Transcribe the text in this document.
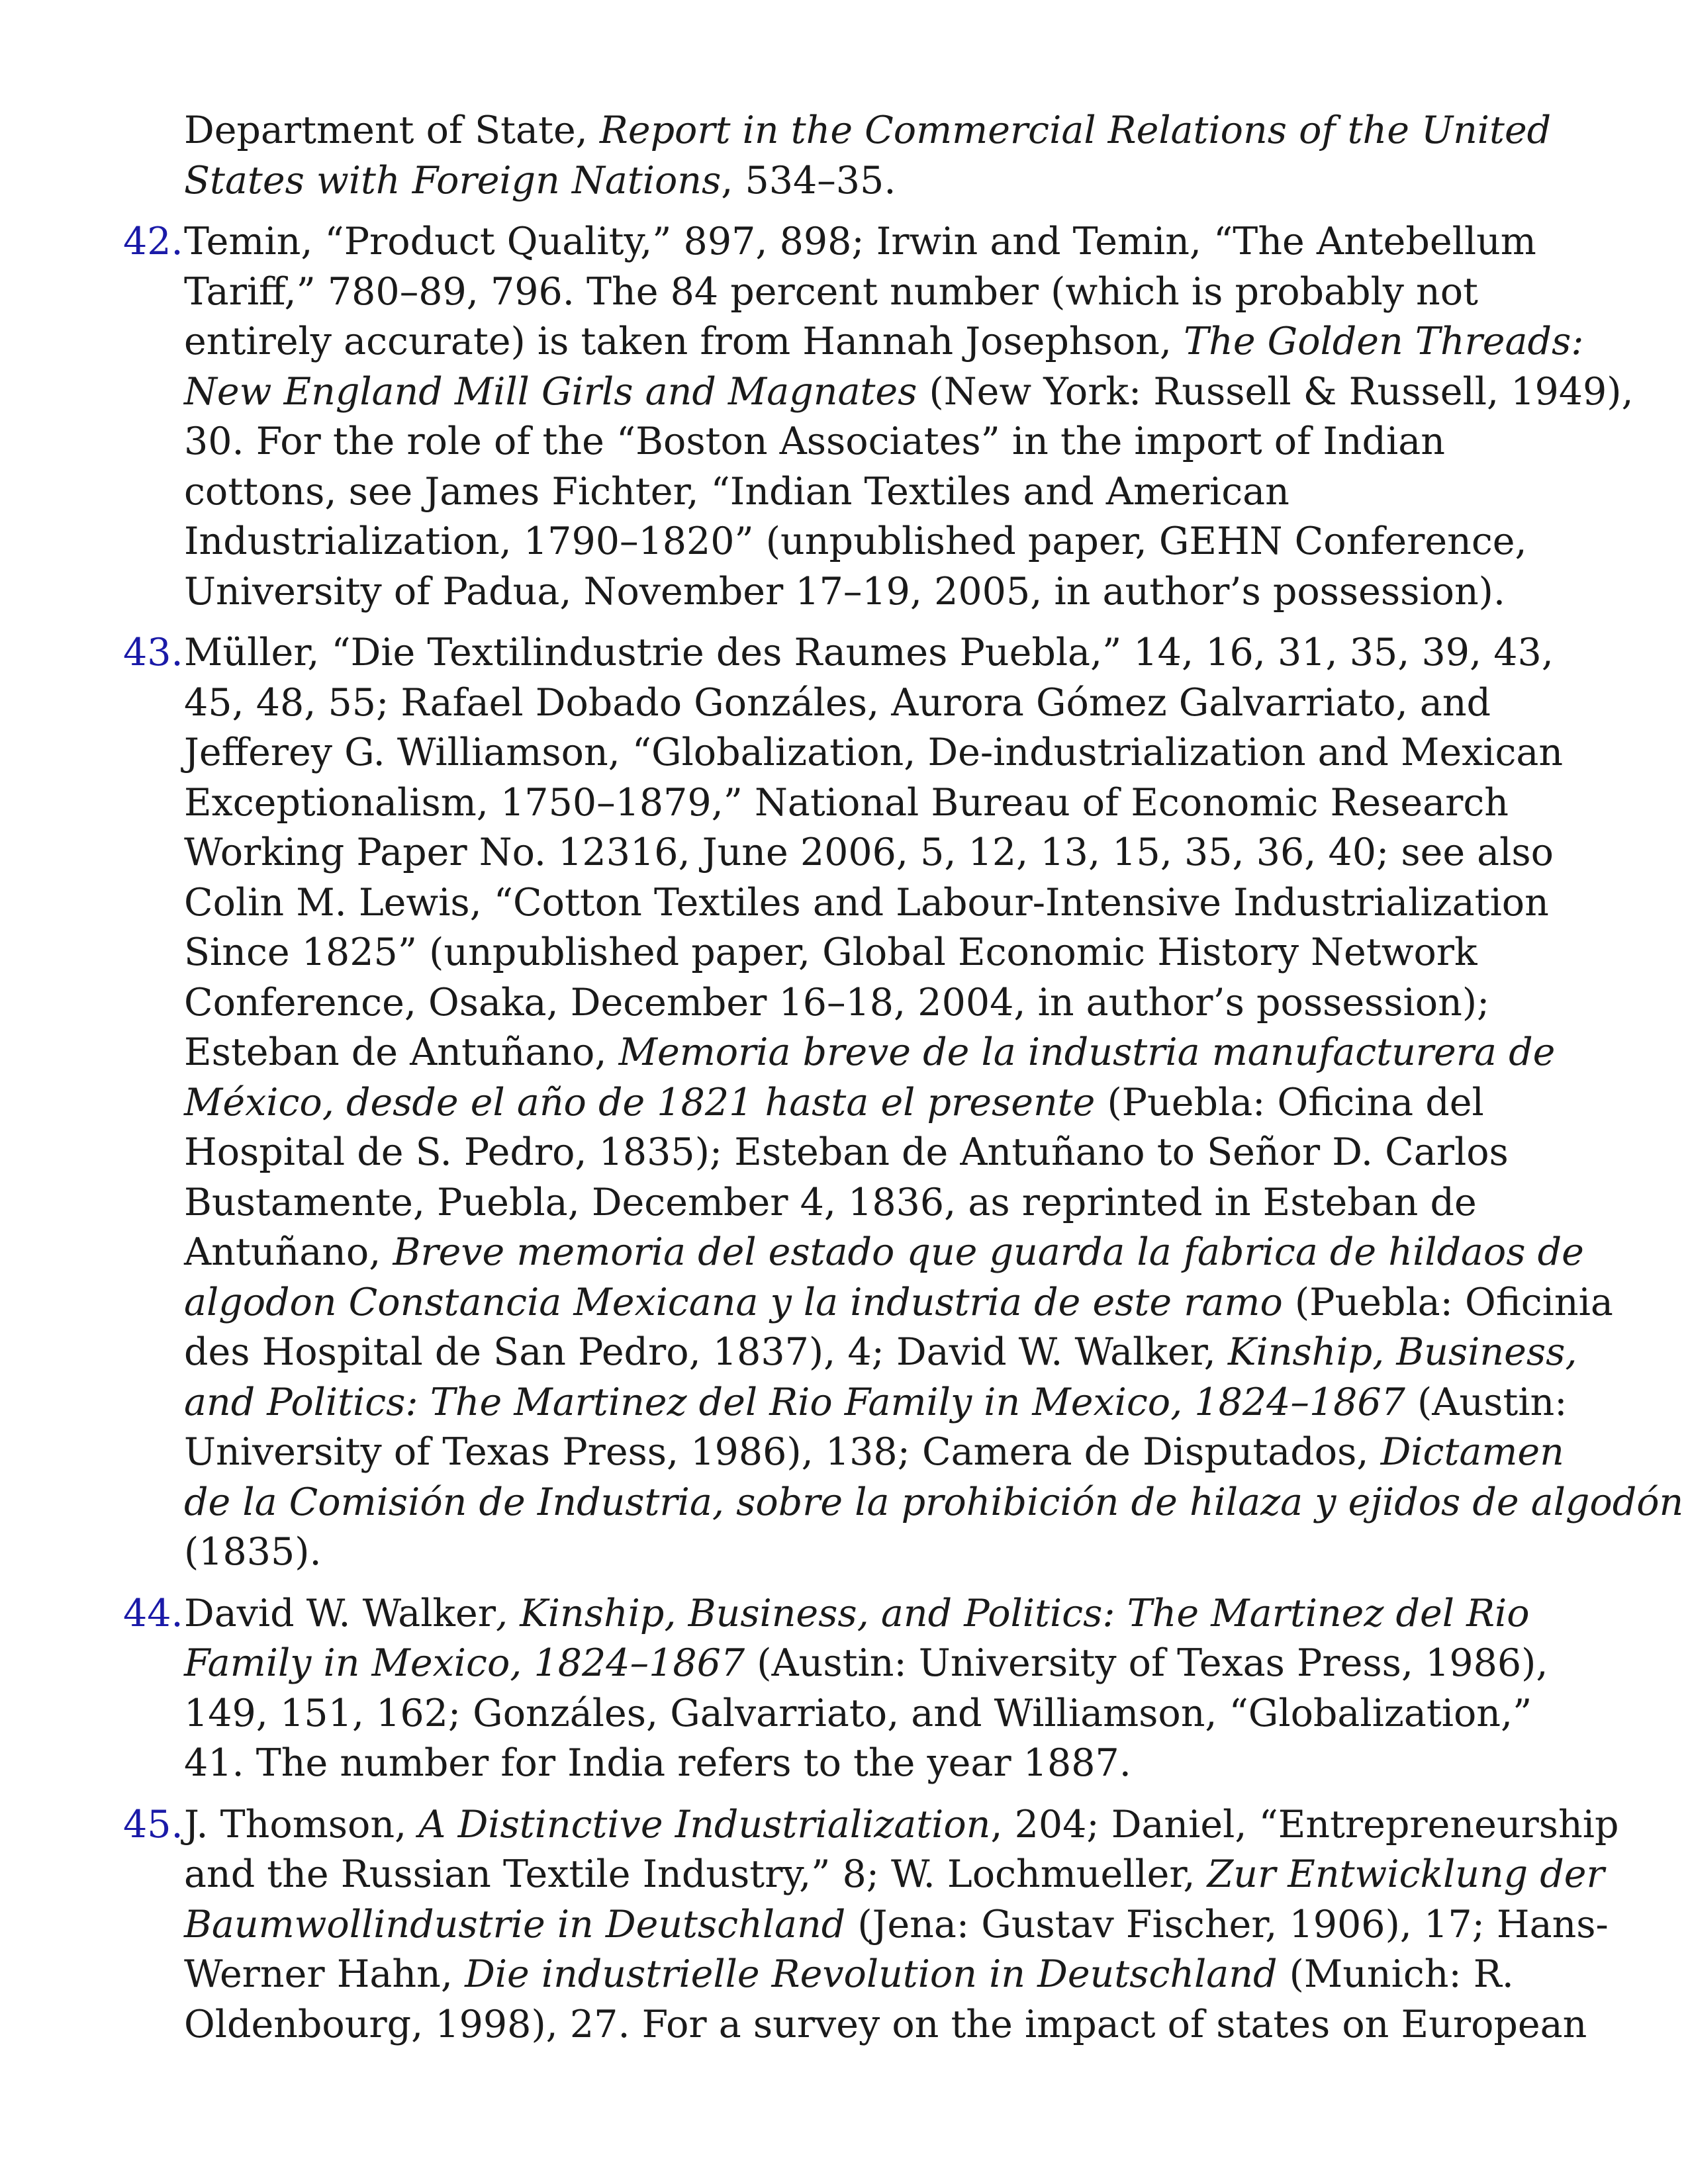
Department of State, Report in the Commercial Relations of the United
States with Foreign Nations, 534–35.
42. Temin, “Product Quality,” 897, 898; Irwin and Temin, “The Antebellum
Tariff,” 780–89, 796. The 84 percent number (which is probably not
entirely accurate) is taken from Hannah Josephson, The Golden Threads:
New England Mill Girls and Magnates (New York: Russell & Russell, 1949),
30. For the role of the “Boston Associates” in the import of Indian
cottons, see James Fichter, “Indian Textiles and American
Industrialization, 1790–1820” (unpublished paper, GEHN Conference,
University of Padua, November 17–19, 2005, in author’s possession).
43. Müller, “Die Textilindustrie des Raumes Puebla,” 14, 16, 31, 35, 39, 43,
45, 48, 55; Rafael Dobado Gonzáles, Aurora Gómez Galvarriato, and
Jefferey G. Williamson, “Globalization, De-industrialization and Mexican
Exceptionalism, 1750–1879,” National Bureau of Economic Research
Working Paper No. 12316, June 2006, 5, 12, 13, 15, 35, 36, 40; see also
Colin M. Lewis, “Cotton Textiles and Labour-Intensive Industrialization
Since 1825” (unpublished paper, Global Economic History Network
Conference, Osaka, December 16–18, 2004, in author’s possession);
Esteban de Antuñano, Memoria breve de la industria manufacturera de
México, desde el año de 1821 hasta el presente (Puebla: Oficina del
Hospital de S. Pedro, 1835); Esteban de Antuñano to Señor D. Carlos
Bustamente, Puebla, December 4, 1836, as reprinted in Esteban de
Antuñano, Breve memoria del estado que guarda la fabrica de hildaos de
algodon Constancia Mexicana y la industria de este ramo (Puebla: Oficinia
des Hospital de San Pedro, 1837), 4; David W. Walker, Kinship, Business,
and Politics: The Martinez del Rio Family in Mexico, 1824–1867 (Austin:
University of Texas Press, 1986), 138; Camera de Disputados, Dictamen
de la Comisión de Industria, sobre la prohibición de hilaza y ejidos de algodón
(1835).
44. David W. Walker, Kinship, Business, and Politics: The Martinez del Rio
Family in Mexico, 1824–1867 (Austin: University of Texas Press, 1986),
149, 151, 162; Gonzáles, Galvarriato, and Williamson, “Globalization,”
41. The number for India refers to the year 1887.
45. J. Thomson, A Distinctive Industrialization, 204; Daniel, “Entrepreneurship
and the Russian Textile Industry,” 8; W. Lochmueller, Zur Entwicklung der
Baumwollindustrie in Deutschland (Jena: Gustav Fischer, 1906), 17; Hans-
Werner Hahn, Die industrielle Revolution in Deutschland (Munich: R.
Oldenbourg, 1998), 27. For a survey on the impact of states on European
